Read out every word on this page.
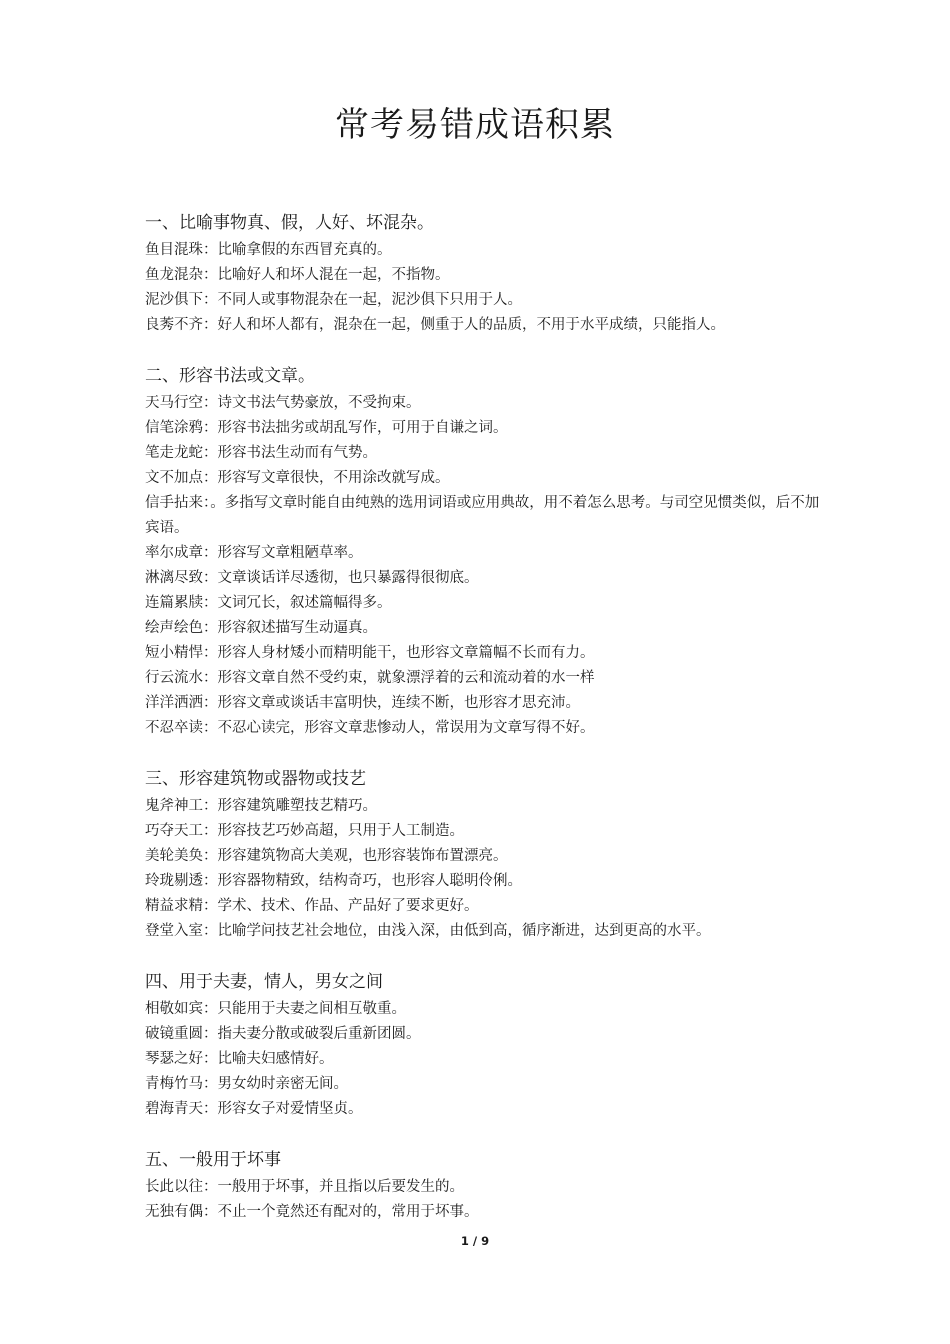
常考易错成语积累
一、比喻事物真、假，人好、坏混杂。

鱼目混珠：比喻拿假的东西冒充真的。

鱼龙混杂：比喻好人和坏人混在一起，不指物。

泥沙俱下：不同人或事物混杂在一起，泥沙俱下只用于人。

良莠不齐：好人和坏人都有，混杂在一起，侧重于人的品质，不用于水平成绩，只能指人。

二、形容书法或文章。

天马行空：诗文书法气势豪放，不受拘束。

信笔涂鸦：形容书法拙劣或胡乱写作，可用于自谦之词。

笔走龙蛇：形容书法生动而有气势。

文不加点：形容写文章很快，不用涂改就写成。

信手拈来：。多指写文章时能自由纯熟的选用词语或应用典故，用不着怎么思考。与司空见惯类似，后不加宾语。

率尔成章：形容写文章粗陋草率。

淋漓尽致：文章谈话详尽透彻，也只暴露得很彻底。

连篇累牍：文词冗长，叙述篇幅得多。

绘声绘色：形容叙述描写生动逼真。

短小精悍：形容人身材矮小而精明能干，也形容文章篇幅不长而有力。

行云流水：形容文章自然不受约束，就象漂浮着的云和流动着的水一样

洋洋洒洒：形容文章或谈话丰富明快，连续不断，也形容才思充沛。

不忍卒读：不忍心读完，形容文章悲惨动人，常误用为文章写得不好。

三、形容建筑物或器物或技艺

鬼斧神工：形容建筑雕塑技艺精巧。

巧夺天工：形容技艺巧妙高超，只用于人工制造。

美轮美奂：形容建筑物高大美观，也形容装饰布置漂亮。

玲珑剔透：形容器物精致，结构奇巧，也形容人聪明伶俐。

精益求精：学术、技术、作品、产品好了要求更好。

登堂入室：比喻学问技艺社会地位，由浅入深，由低到高，循序渐进，达到更高的水平。

四、用于夫妻，情人，男女之间

相敬如宾：只能用于夫妻之间相互敬重。

破镜重圆：指夫妻分散或破裂后重新团圆。

琴瑟之好：比喻夫妇感情好。

青梅竹马：男女幼时亲密无间。

碧海青天：形容女子对爱情坚贞。

五、一般用于坏事

长此以往：一般用于坏事，并且指以后要发生的。

无独有偶：不止一个竟然还有配对的，常用于坏事。

1 / 9
